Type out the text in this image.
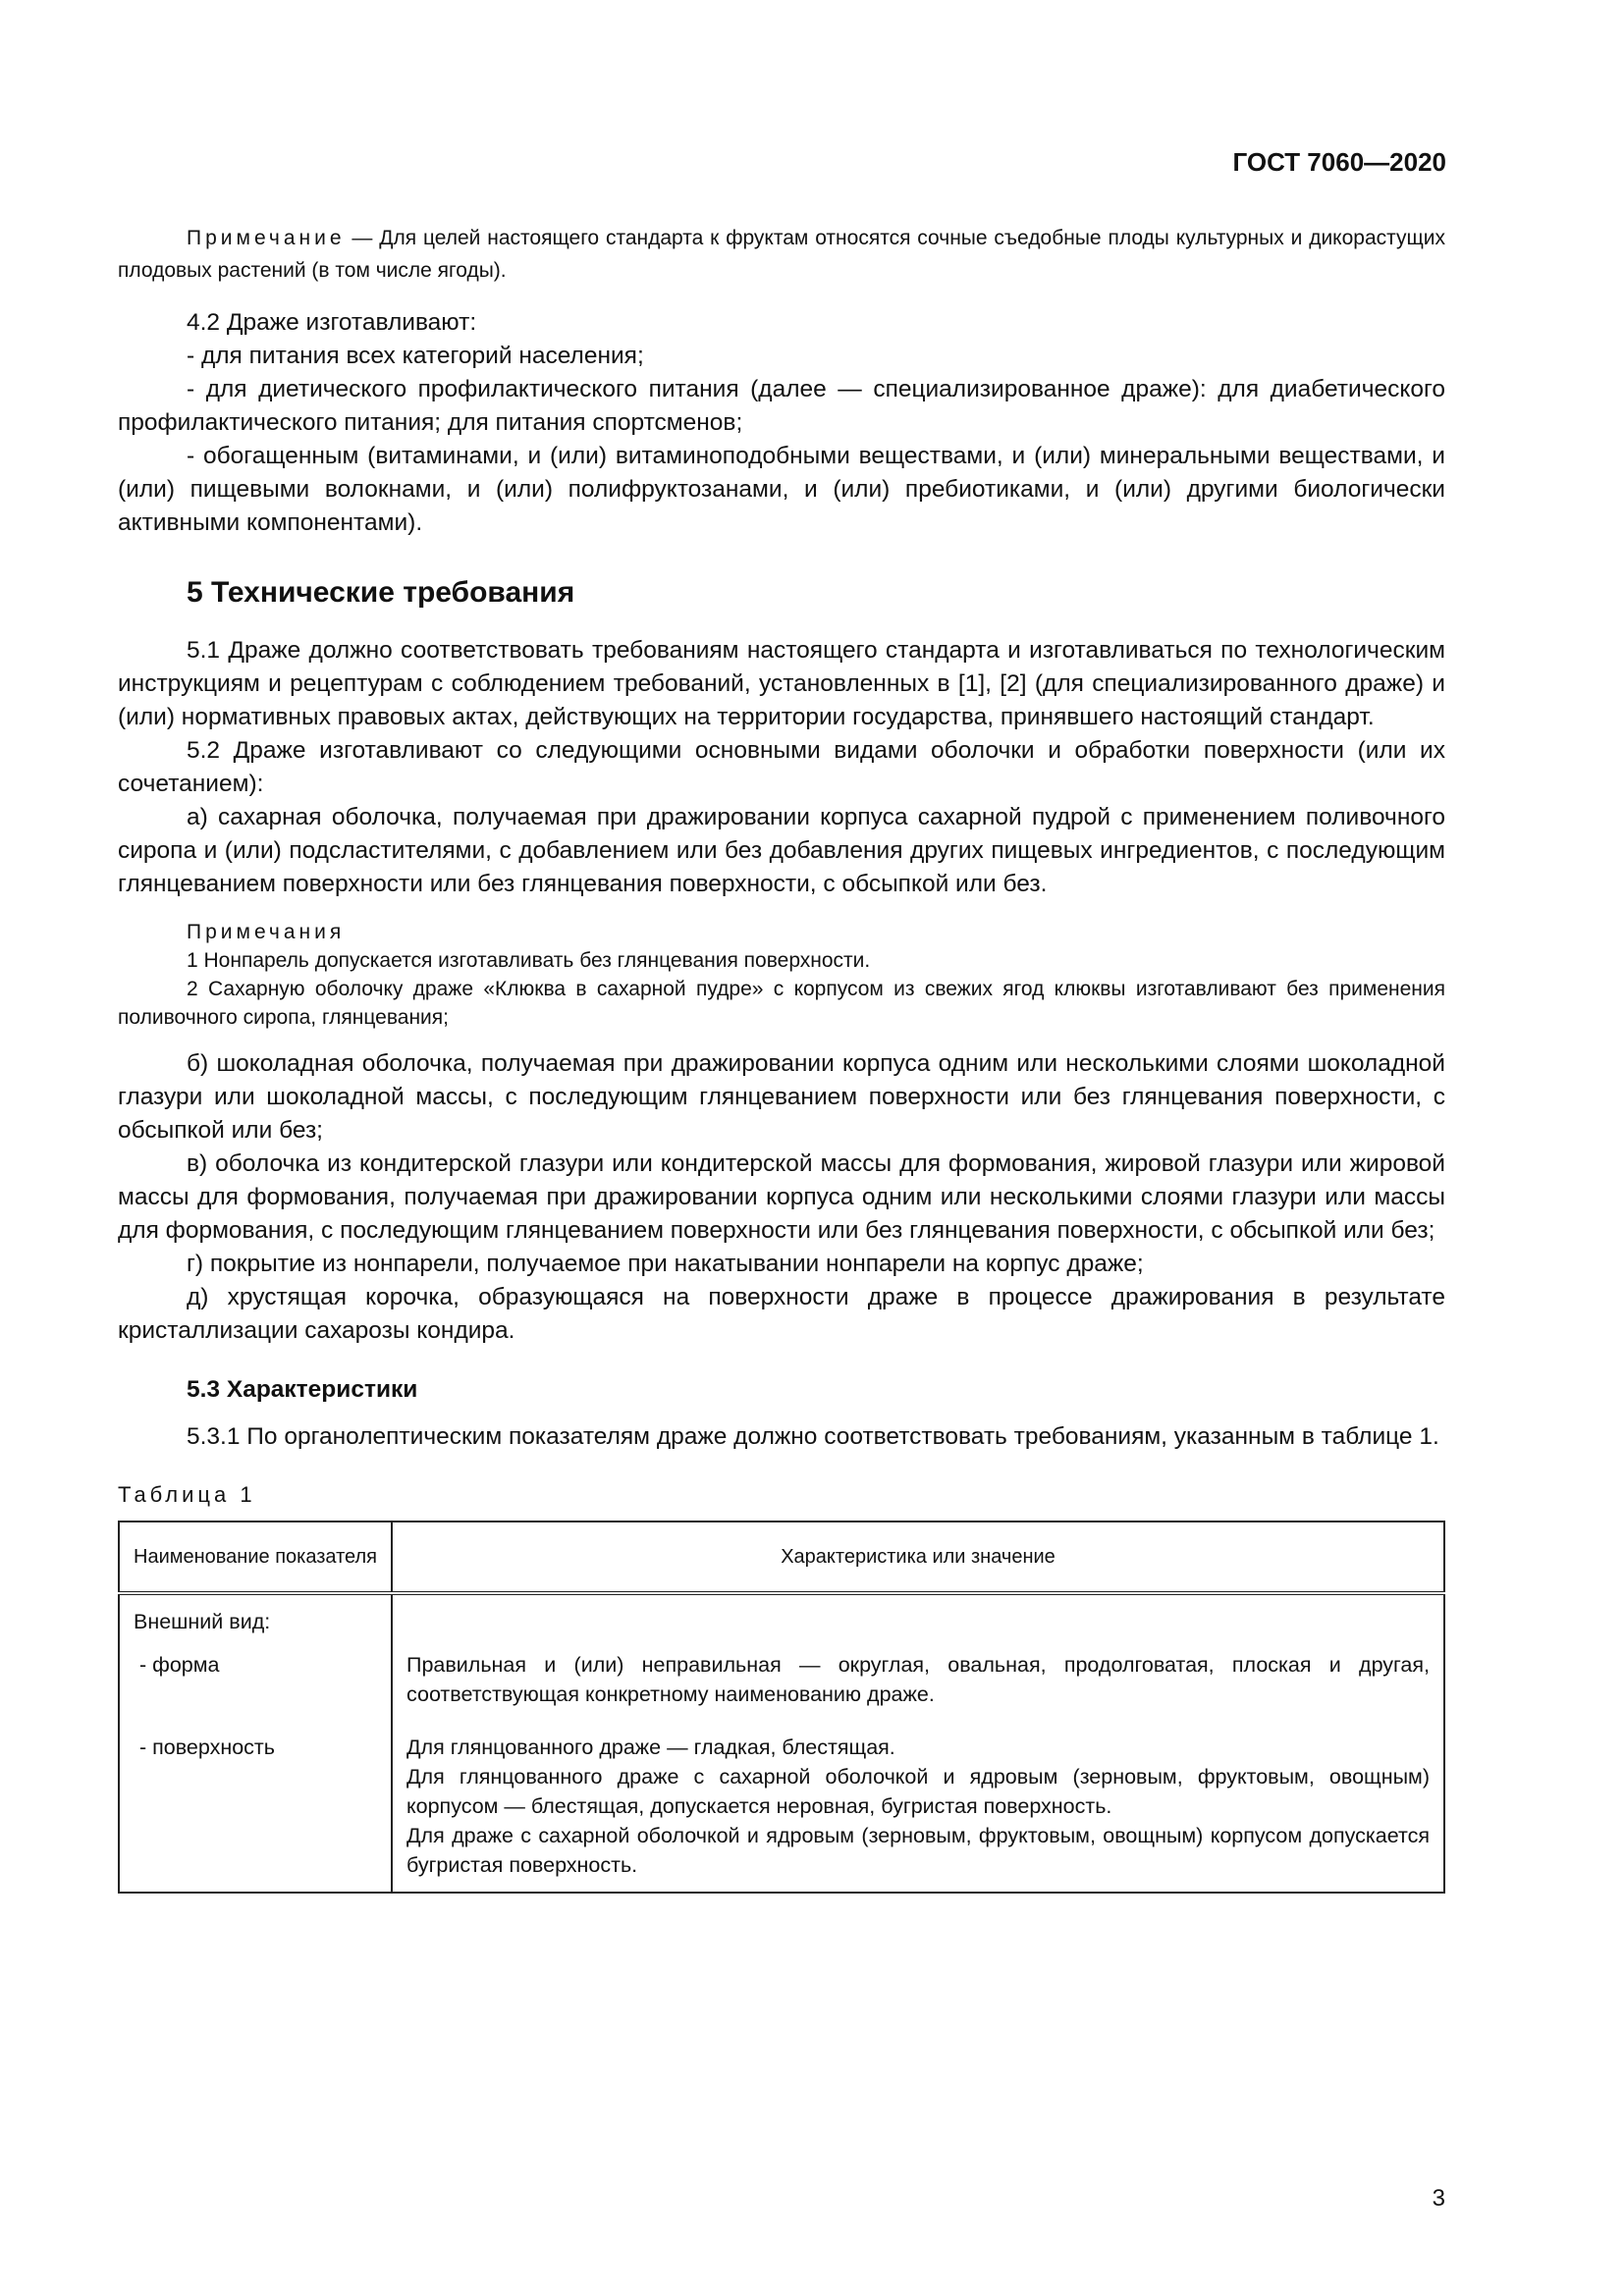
ГОСТ 7060—2020

Примечание — Для целей настоящего стандарта к фруктам относятся сочные съедобные плоды культурных и дикорастущих плодовых растений (в том числе ягоды).

4.2 Драже изготавливают:

- для питания всех категорий населения;

- для диетического профилактического питания (далее — специализированное драже): для диабетического профилактического питания; для питания спортсменов;

- обогащенным (витаминами, и (или) витаминоподобными веществами, и (или) минеральными веществами, и (или) пищевыми волокнами, и (или) полифруктозанами, и (или) пребиотиками, и (или) другими биологически активными компонентами).

5 Технические требования

5.1 Драже должно соответствовать требованиям настоящего стандарта и изготавливаться по технологическим инструкциям и рецептурам с соблюдением требований, установленных в [1], [2] (для специализированного драже) и (или) нормативных правовых актах, действующих на территории государства, принявшего настоящий стандарт.

5.2 Драже изготавливают со следующими основными видами оболочки и обработки поверхности (или их сочетанием):

а) сахарная оболочка, получаемая при дражировании корпуса сахарной пудрой с применением поливочного сиропа и (или) подсластителями, с добавлением или без добавления других пищевых ингредиентов, с последующим глянцеванием поверхности или без глянцевания поверхности, с обсыпкой или без.

Примечания

1 Нонпарель допускается изготавливать без глянцевания поверхности.

2 Сахарную оболочку драже «Клюква в сахарной пудре» с корпусом из свежих ягод клюквы изготавливают без применения поливочного сиропа, глянцевания;

б) шоколадная оболочка, получаемая при дражировании корпуса одним или несколькими слоями шоколадной глазури или шоколадной массы, с последующим глянцеванием поверхности или без глянцевания поверхности, с обсыпкой или без;

в) оболочка из кондитерской глазури или кондитерской массы для формования, жировой глазури или жировой массы для формования, получаемая при дражировании корпуса одним или несколькими слоями глазури или массы для формования, с последующим глянцеванием поверхности или без глянцевания поверхности, с обсыпкой или без;

г) покрытие из нонпарели, получаемое при накатывании нонпарели на корпус драже;

д) хрустящая корочка, образующаяся на поверхности драже в процессе дражирования в результате кристаллизации сахарозы кондира.

5.3 Характеристики

5.3.1 По органолептическим показателям драже должно соответствовать требованиям, указанным в таблице 1.

Таблица 1
Наименование показателя	Характеристика или значение
Внешний вид:	
- форма	Правильная и (или) неправильная — округлая, овальная, продолговатая, плоская и другая, соответствующая конкретному наименованию драже.
- поверхность	Для глянцованного драже — гладкая, блестящая.
Для глянцованного драже с сахарной оболочкой и ядровым (зерновым, фруктовым, овощным) корпусом — блестящая, допускается неровная, бугристая поверхность.
Для драже с сахарной оболочкой и ядровым (зерновым, фруктовым, овощным) корпусом допускается бугристая поверхность.
3
